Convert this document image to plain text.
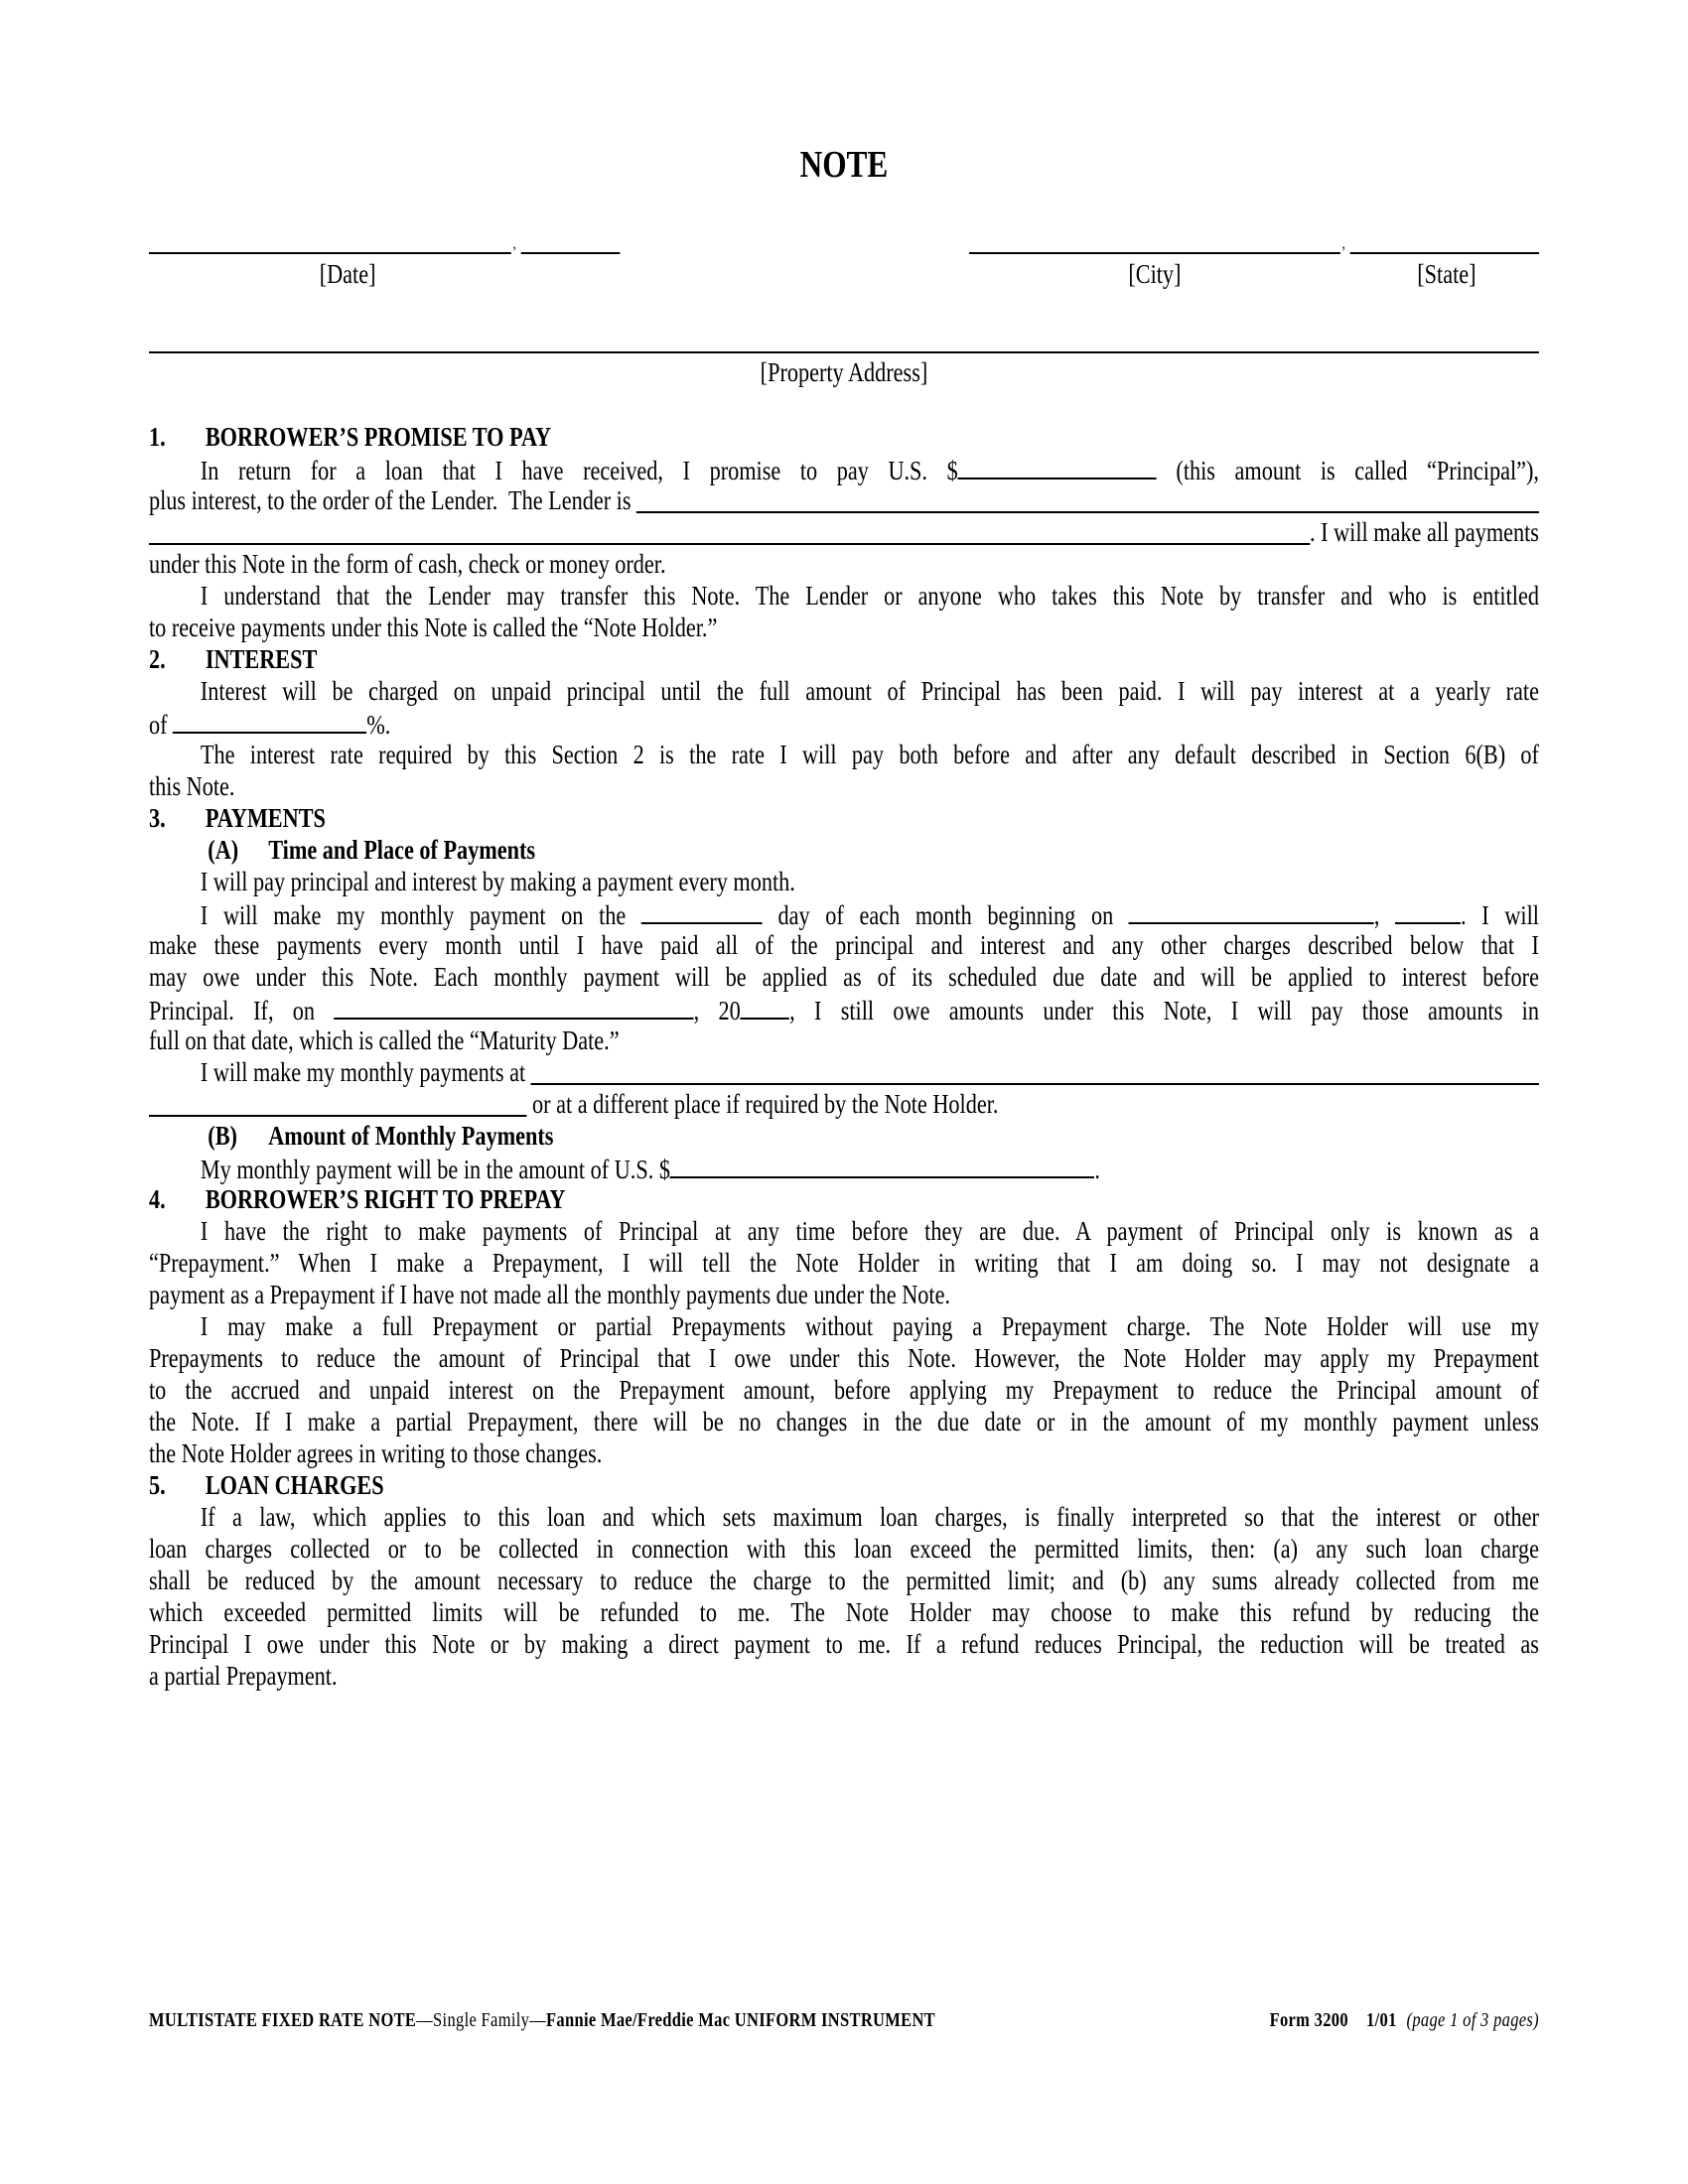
NOTE
,	,
[Date]	[City]	[State]
[Property Address]
1. BORROWER’S PROMISE TO PAY
In return for a loan that I have received, I promise to pay U.S. $	(this amount is called “Principal”),
plus interest, to the order of the Lender.  The Lender is
. I will make all payments
under this Note in the form of cash, check or money order.
I understand that the Lender may transfer this Note. The Lender or anyone who takes this Note by transfer and who is entitled
to receive payments under this Note is called the “Note Holder.”
2. INTEREST
Interest will be charged on unpaid principal until the full amount of Principal has been paid. I will pay interest at a yearly rate
of	%.
The interest rate required by this Section 2 is the rate I will pay both before and after any default described in Section 6(B) of
this Note.
3. PAYMENTS
(A) Time and Place of Payments
I will pay principal and interest by making a payment every month.
I will make my monthly payment on the	day of each month beginning on	, . I will
make these payments every month until I have paid all of the principal and interest and any other charges described below that I
may owe under this Note. Each monthly payment will be applied as of its scheduled due date and will be applied to interest before
Principal. If, on	, 20 , I still owe amounts under this Note, I will pay those amounts in
full on that date, which is called the “Maturity Date.”
I will make my monthly payments at
or at a different place if required by the Note Holder.
(B) Amount of Monthly Payments
My monthly payment will be in the amount of U.S. $	.
4. BORROWER’S RIGHT TO PREPAY
I have the right to make payments of Principal at any time before they are due. A payment of Principal only is known as a
“Prepayment.” When I make a Prepayment, I will tell the Note Holder in writing that I am doing so. I may not designate a
payment as a Prepayment if I have not made all the monthly payments due under the Note.
I may make a full Prepayment or partial Prepayments without paying a Prepayment charge. The Note Holder will use my
Prepayments to reduce the amount of Principal that I owe under this Note. However, the Note Holder may apply my Prepayment
to the accrued and unpaid interest on the Prepayment amount, before applying my Prepayment to reduce the Principal amount of
the Note. If I make a partial Prepayment, there will be no changes in the due date or in the amount of my monthly payment unless
the Note Holder agrees in writing to those changes.
5. LOAN CHARGES
If a law, which applies to this loan and which sets maximum loan charges, is finally interpreted so that the interest or other
loan charges collected or to be collected in connection with this loan exceed the permitted limits, then: (a) any such loan charge
shall be reduced by the amount necessary to reduce the charge to the permitted limit; and (b) any sums already collected from me
which exceeded permitted limits will be refunded to me. The Note Holder may choose to make this refund by reducing the
Principal I owe under this Note or by making a direct payment to me. If a refund reduces Principal, the reduction will be treated as
a partial Prepayment.
MULTISTATE FIXED RATE NOTE —Single Family— Fannie Mae/Freddie Mac UNIFORM INSTRUMENT	Form 3200 1/01 (page 1 of 3 pages)
